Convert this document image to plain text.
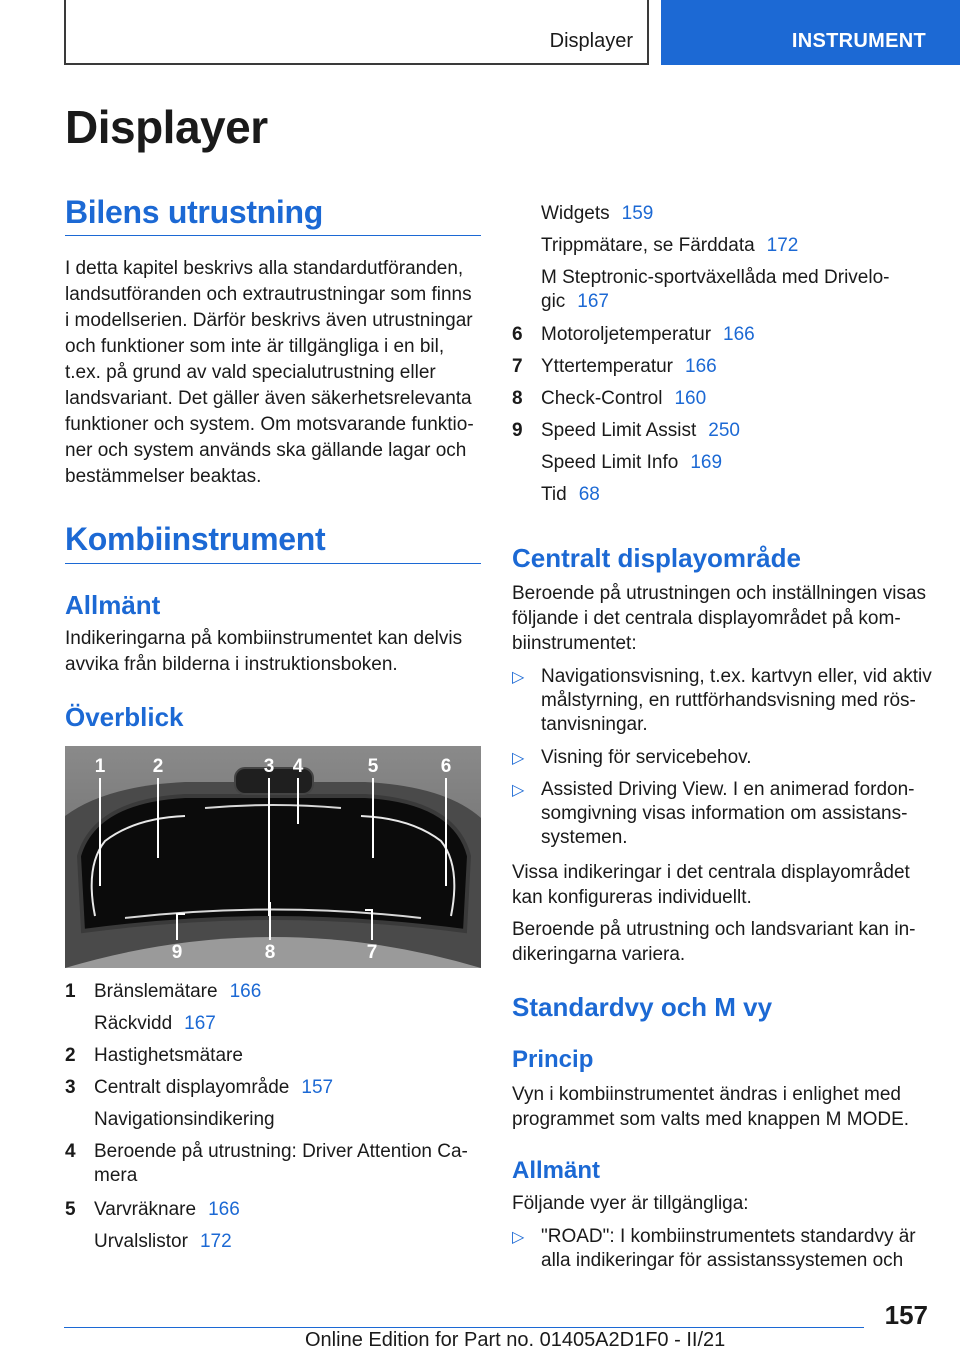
Displayer	INSTRUMENT
Displayer
Bilens utrustning
I detta kapitel beskrivs alla standardutföranden,
landsutföranden och extrautrustningar som finns
i modellserien. Därför beskrivs även utrustningar
och funktioner som inte är tillgängliga i en bil,
t.ex. på grund av vald specialutrustning eller
landsvariant. Det gäller även säkerhetsrelevanta
funktioner och system. Om motsvarande funktio-
ner och system används ska gällande lagar och
bestämmelser beaktas.
Kombiinstrument
Allmänt
Indikeringarna på kombiinstrumentet kan delvis
avvika från bilderna i instruktionsboken.
Överblick
1 2	3 4	5	6
9	8	7
1 Bränslemätare 166
Räckvidd 167
2 Hastighetsmätare
3 Centralt displayområde 157
Navigationsindikering
4 Beroende på utrustning: Driver Attention Ca-
mera
5 Varvräknare 166
Urvalslistor 172
Widgets 159
Trippmätare, se Färddata 172
M Steptronic-sportväxellåda med Drivelo-
gic 167
6 Motoroljetemperatur 166
7 Yttertemperatur 166
8 Check-Control 160
9 Speed Limit Assist 250
Speed Limit Info 169
Tid 68
Centralt displayområde
Beroende på utrustningen och inställningen visas
följande i det centrala displayområdet på kom-
biinstrumentet:
▷ Navigationsvisning, t.ex. kartvyn eller, vid aktiv
målstyrning, en ruttförhandsvisning med rös-
tanvisningar.
▷ Visning för servicebehov.
▷ Assisted Driving View. I en animerad fordon-
somgivning visas information om assistans-
systemen.
Vissa indikeringar i det centrala displayområdet
kan konfigureras individuellt.
Beroende på utrustning och landsvariant kan in-
dikeringarna variera.
Standardvy och M vy
Princip
Vyn i kombiinstrumentet ändras i enlighet med
programmet som valts med knappen M MODE.
Allmänt
Följande vyer är tillgängliga:
▷ "ROAD": I kombiinstrumentets standardvy är
alla indikeringar för assistanssystemen och
157
Online Edition for Part no. 01405A2D1F0 - II/21
